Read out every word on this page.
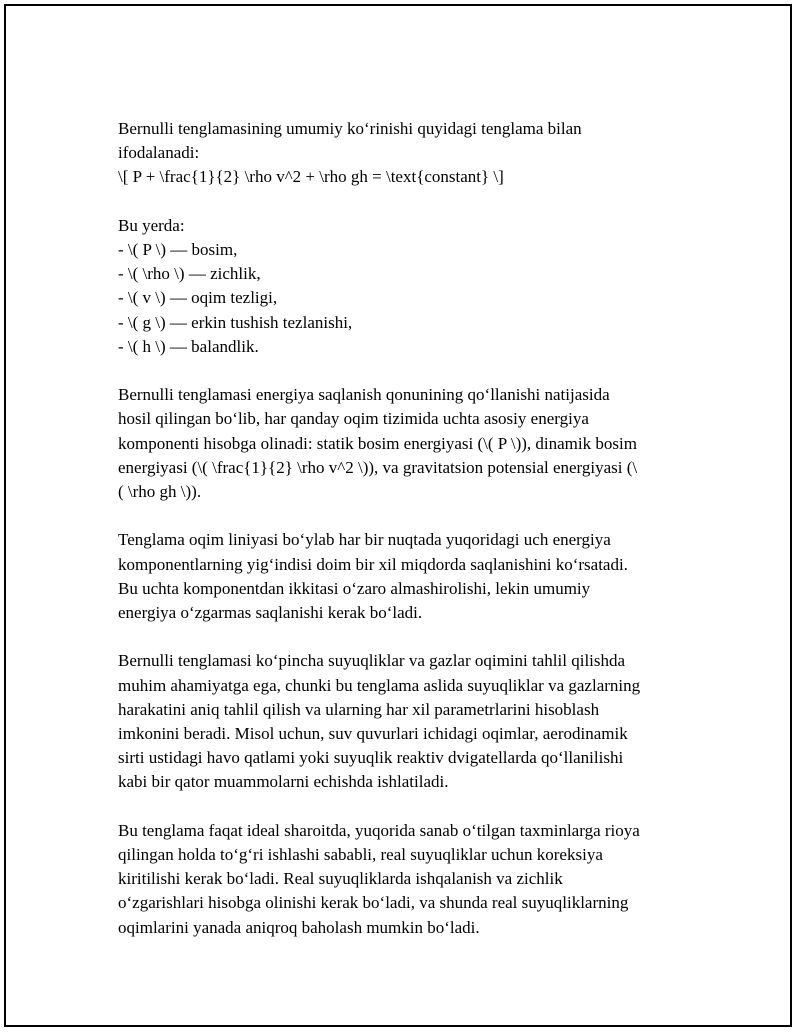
Bernulli tenglamasining umumiy koʻrinishi quyidagi tenglama bilan
ifodalanadi:
\[ P + \frac{1}{2} \rho v^2 + \rho gh = \text{constant} \]
Bu yerda:
- \( P \) — bosim,
- \( \rho \) — zichlik,
- \( v \) — oqim tezligi,
- \( g \) — erkin tushish tezlanishi,
- \( h \) — balandlik.
Bernulli tenglamasi energiya saqlanish qonunining qoʻllanishi natijasida
hosil qilingan boʻlib, har qanday oqim tizimida uchta asosiy energiya
komponenti hisobga olinadi: statik bosim energiyasi (\( P \)), dinamik bosim
energiyasi (\( \frac{1}{2} \rho v^2 \)), va gravitatsion potensial energiyasi (\
( \rho gh \)).
Tenglama oqim liniyasi boʻylab har bir nuqtada yuqoridagi uch energiya
komponentlarning yigʻindisi doim bir xil miqdorda saqlanishini koʻrsatadi.
Bu uchta komponentdan ikkitasi oʻzaro almashirolishi, lekin umumiy
energiya oʻzgarmas saqlanishi kerak boʻladi.
Bernulli tenglamasi koʻpincha suyuqliklar va gazlar oqimini tahlil qilishda
muhim ahamiyatga ega, chunki bu tenglama aslida suyuqliklar va gazlarning
harakatini aniq tahlil qilish va ularning har xil parametrlarini hisoblash
imkonini beradi. Misol uchun, suv quvurlari ichidagi oqimlar, aerodinamik
sirti ustidagi havo qatlami yoki suyuqlik reaktiv dvigatellarda qoʻllanilishi
kabi bir qator muammolarni echishda ishlatiladi.
Bu tenglama faqat ideal sharoitda, yuqorida sanab oʻtilgan taxminlarga rioya
qilingan holda toʻgʻri ishlashi sababli, real suyuqliklar uchun koreksiya
kiritilishi kerak boʻladi. Real suyuqliklarda ishqalanish va zichlik
oʻzgarishlari hisobga olinishi kerak boʻladi, va shunda real suyuqliklarning
oqimlarini yanada aniqroq baholash mumkin boʻladi.
